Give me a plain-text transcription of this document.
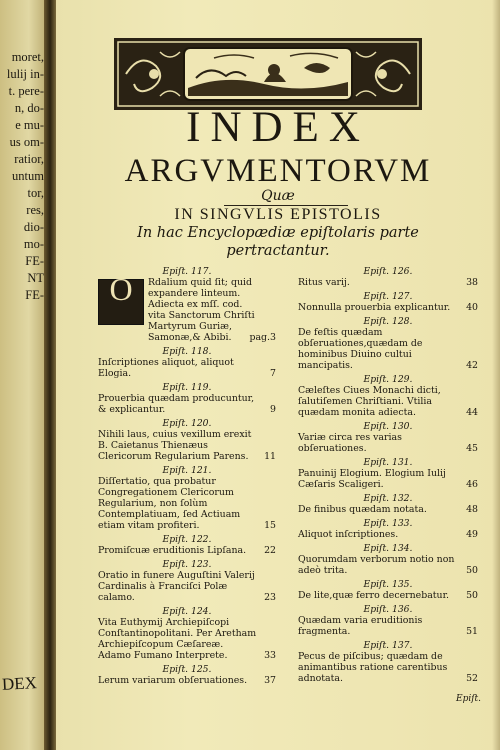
moret,
lulij in-
t. pere-
n, do-
e mu-
us om-
ratior,
untum
tor,
res,
dio-
mo-
FE-
NT
FE-
DEX
INDEX
ARGVMENTORVM
Quæ
IN SINGVLIS EPISTOLIS
In hac Encyclopædiæ epiſtolaris parte
pertractantur.
Epiſt. 117.
O	Rdalium quid ſit; quid expandere linteum. Adiecta ex mſſ. cod. vita Sanctorum Chriſti Martyrum Guriæ, Samonæ,& Abibi. pag.3
Epiſt. 118.
Inſcriptiones aliquot, aliquot Elogia.	7
Epiſt. 119.
Prouerbia quædam producuntur, & explicantur.	9
Epiſt. 120.
Nihili laus, cuius vexillum erexit B. Caietanus Thienæus Clericorum Regularium Parens. 11
Epiſt. 121.
Diſſertatio, qua probatur Congregationem Clericorum Regularium, non ſolùm Contemplatiuam, ſed Actiuam etiam vitam profiteri.	15
Epiſt. 122.
Promiſcuæ eruditionis Lipſana. 22
Epiſt. 123.
Oratio in funere Auguſtini Valerij Cardinalis à Franciſci Polæ calamo.	23
Epiſt. 124.
Vita Euthymij Archiepiſcopi Conſtantinopolitani. Per Aretham Archiepiſcopum Cæſareæ. Adamo Fumano Interprete.	33
Epiſt. 125.
Lerum variarum obſeruationes. 37
Epiſt. 126.
Ritus varij.	38
Epiſt. 127.
Nonnulla prouerbia explicantur. 40
Epiſt. 128.
De feſtis quædam obſeruationes,quædam de hominibus Diuino cultui mancipatis.	42
Epiſt. 129.
Cæleſtes Ciues Monachi dicti, ſalutiſemen Chriſtiani. Vtilia quædam monita adiecta.	44
Epiſt. 130.
Variæ circa res varias obſeruationes.	45
Epiſt. 131.
Panuinij Elogium. Elogium Iulij Cæſaris Scaligeri.	46
Epiſt. 132.
De finibus quædam notata.	48
Epiſt. 133.
Aliquot inſcriptiones.	49
Epiſt. 134.
Quorumdam verborum notio non adeò trita.	50
Epiſt. 135.
De lite,quæ ferro decernebatur. 50
Epiſt. 136.
Quædam varia eruditionis fragmenta.	51
Epiſt. 137.
Pecus de piſcibus; quædam de animantibus ratione carentibus adnotata.	52
Epiſt.
